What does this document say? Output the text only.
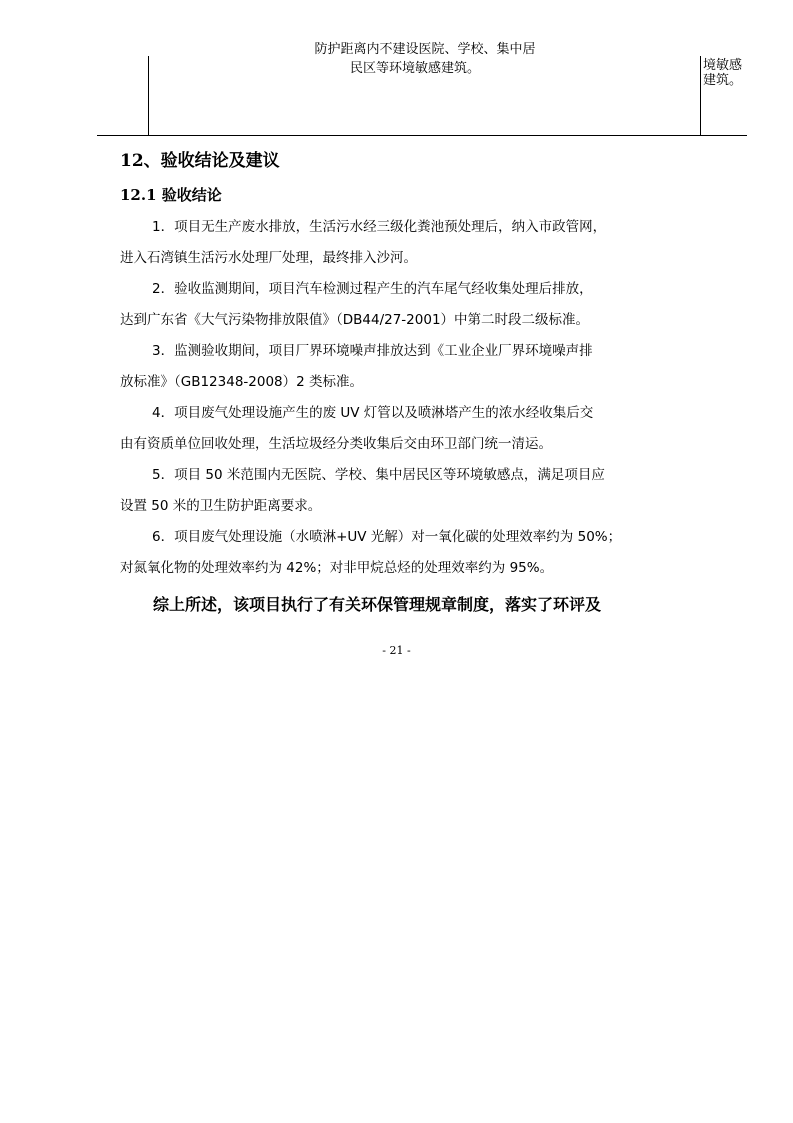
防护距离内不建设医院、学校、集中居
民区等环境敏感建筑。	境敏感
建筑。
12、验收结论及建议
12.1 验收结论

1．项目无生产废水排放，生活污水经三级化粪池预处理后，纳入市政管网，
进入石湾镇生活污水处理厂处理，最终排入沙河。

2．验收监测期间，项目汽车检测过程产生的汽车尾气经收集处理后排放，
达到广东省《大气污染物排放限值》（DB44/27-2001）中第二时段二级标准。

3．监测验收期间，项目厂界环境噪声排放达到《工业企业厂界环境噪声排
放标准》（GB12348-2008）2 类标准。

4．项目废气处理设施产生的废 UV 灯管以及喷淋塔产生的浓水经收集后交
由有资质单位回收处理，生活垃圾经分类收集后交由环卫部门统一清运。

5．项目 50 米范围内无医院、学校、集中居民区等环境敏感点，满足项目应
设置 50 米的卫生防护距离要求。

6．项目废气处理设施（水喷淋+UV 光解）对一氧化碳的处理效率约为 50%；
对氮氧化物的处理效率约为 42%；对非甲烷总烃的处理效率约为 95%。

综上所述，该项目执行了有关环保管理规章制度，落实了环评及
- 21 -
